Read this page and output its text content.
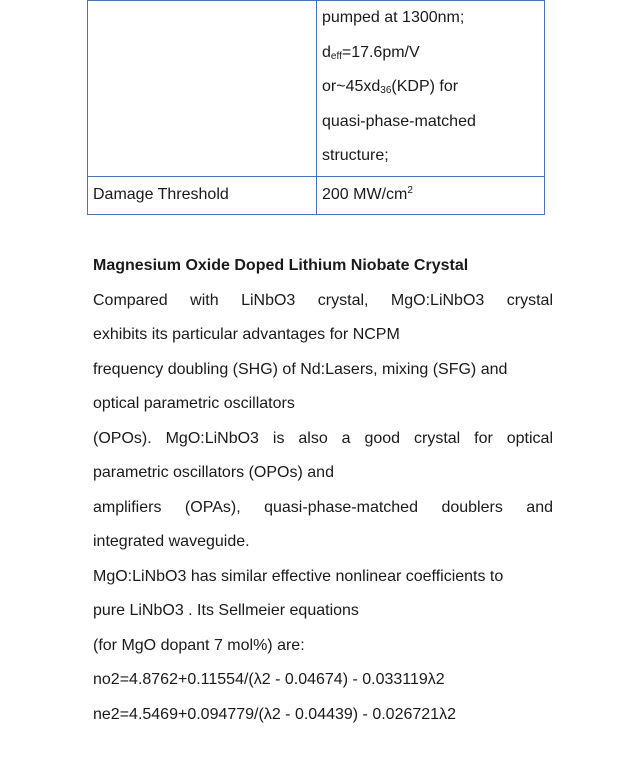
	pumped at 1300nm;
$d_{eff}=17.6pm/V$
$or\sim 45xd_{36}(KDP)$ for
quasi-phase-matched
structure;

Damage Threshold	200 $MW/cm^2$
Magnesium Oxide Doped Lithium Niobate Crystal
Compared with LiNbO3 crystal, MgO:LiNbO3 crystal
exhibits its particular advantages for NCPM
frequency doubling (SHG) of Nd:Lasers, mixing (SFG) and
optical parametric oscillators
(OPOs). MgO:LiNbO3 is also a good crystal for optical
parametric oscillators (OPOs) and
amplifiers (OPAs), quasi-phase-matched doublers and
integrated waveguide.
MgO:LiNbO3 has similar effective nonlinear coefficients to
pure LiNbO3 . Its Sellmeier equations
(for MgO dopant 7 mol%) are:
no2=4.8762+0.11554/(λ2 - 0.04674) - 0.033119λ2
ne2=4.5469+0.094779/(λ2 - 0.04439) - 0.026721λ2
